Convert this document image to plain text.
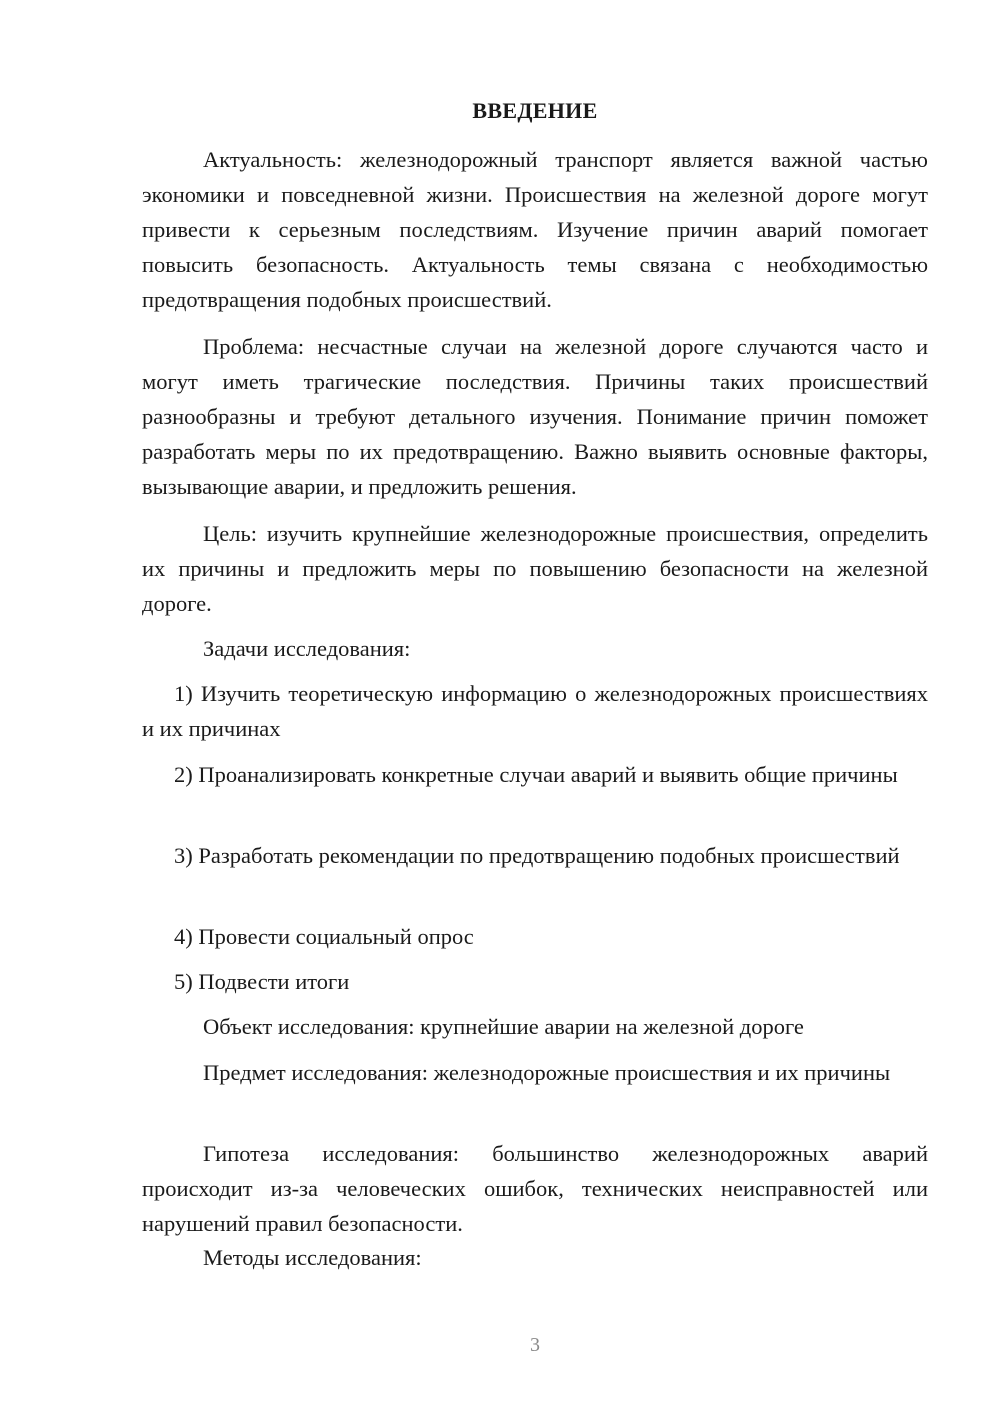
ВВЕДЕНИЕ

Актуальность: железнодорожный транспорт является важной частью экономики и повседневной жизни. Происшествия на железной дороге могут привести к серьезным последствиям. Изучение причин аварий помогает повысить безопасность. Актуальность темы связана с необходимостью предотвращения подобных происшествий.

Проблема: несчастные случаи на железной дороге случаются часто и могут иметь трагические последствия. Причины таких происшествий разнообразны и требуют детального изучения. Понимание причин поможет разработать меры по их предотвращению. Важно выявить основные факторы, вызывающие аварии, и предложить решения.

Цель: изучить крупнейшие железнодорожные происшествия, определить их причины и предложить меры по повышению безопасности на железной дороге.

Задачи исследования:

1) Изучить теоретическую информацию о железнодорожных происшествиях и их причинах

2) Проанализировать конкретные случаи аварий и выявить общие причины

3) Разработать рекомендации по предотвращению подобных происшествий

4) Провести социальный опрос

5) Подвести итоги

Объект исследования: крупнейшие аварии на железной дороге

Предмет исследования: железнодорожные происшествия и их причины

Гипотеза исследования: большинство железнодорожных аварий происходит из-за человеческих ошибок, технических неисправностей или нарушений правил безопасности.

Методы исследования:

3
